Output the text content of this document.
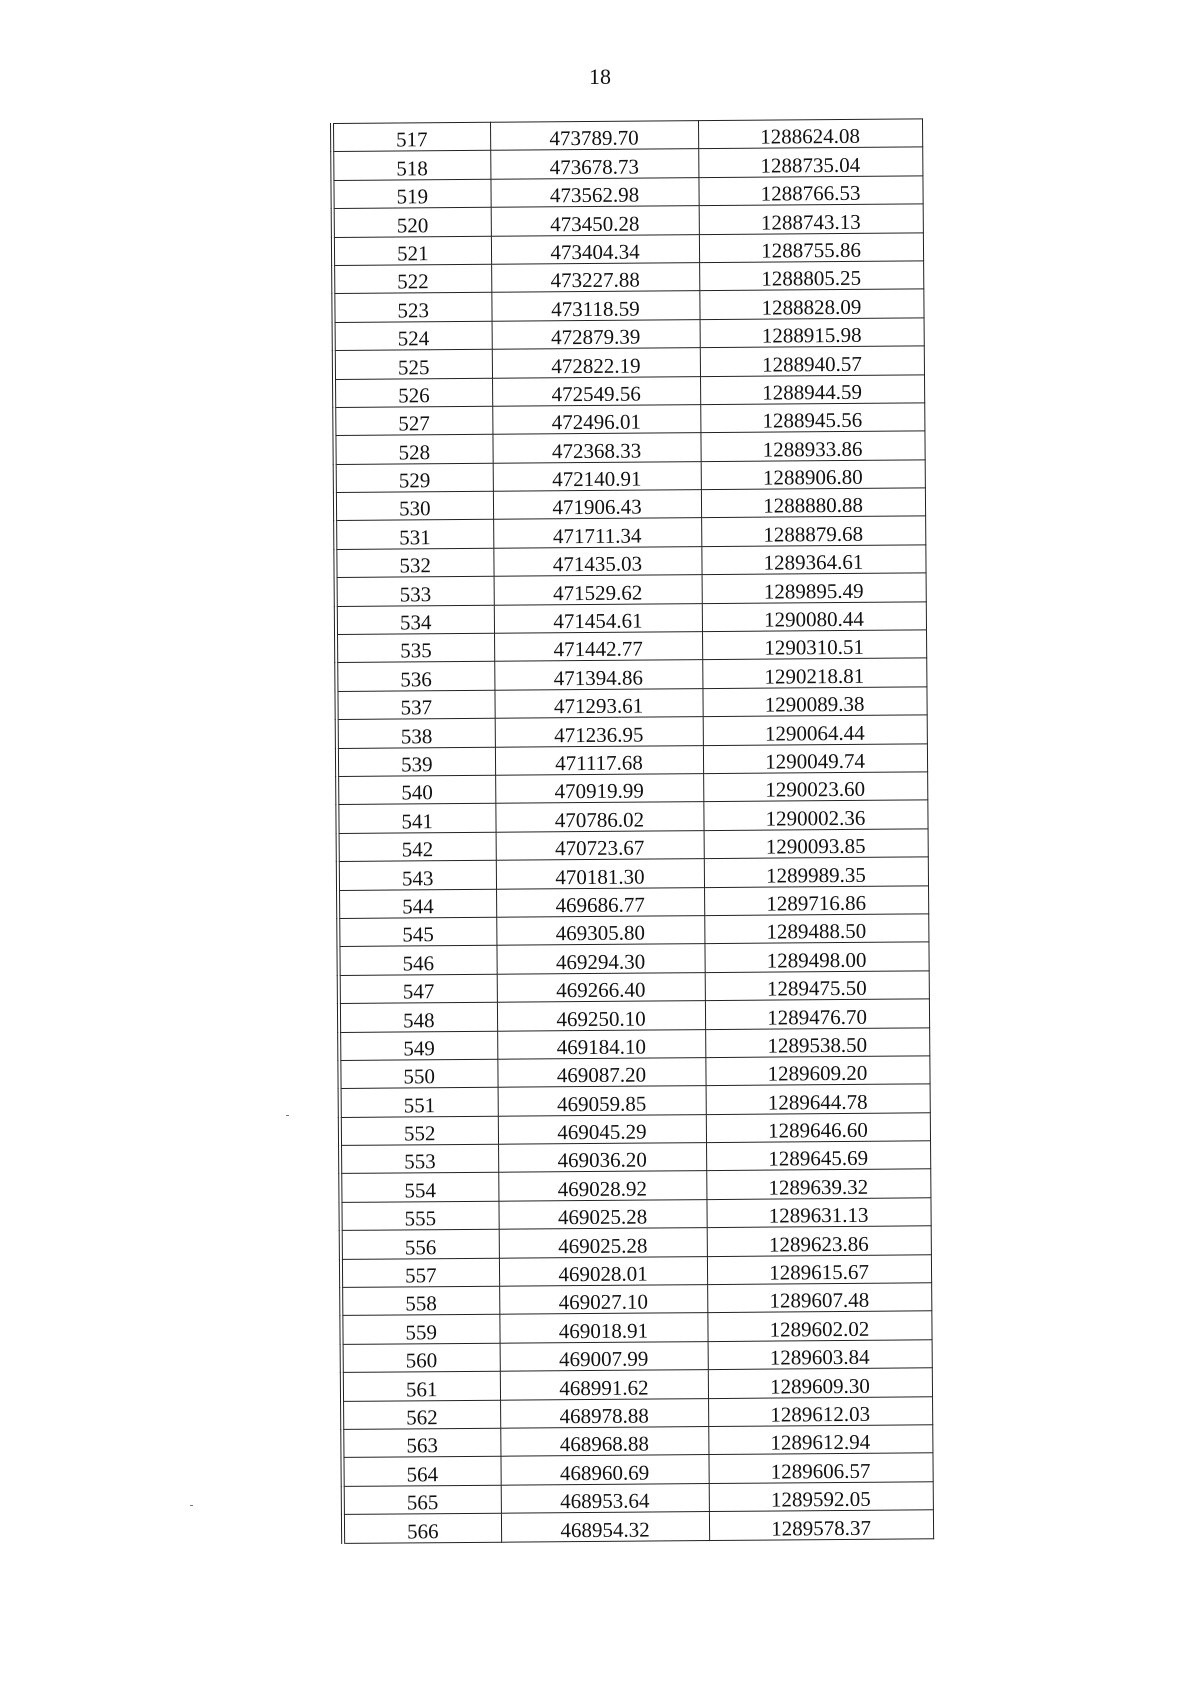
18
517	473789.70	1288624.08
518	473678.73	1288735.04
519	473562.98	1288766.53
520	473450.28	1288743.13
521	473404.34	1288755.86
522	473227.88	1288805.25
523	473118.59	1288828.09
524	472879.39	1288915.98
525	472822.19	1288940.57
526	472549.56	1288944.59
527	472496.01	1288945.56
528	472368.33	1288933.86
529	472140.91	1288906.80
530	471906.43	1288880.88
531	471711.34	1288879.68
532	471435.03	1289364.61
533	471529.62	1289895.49
534	471454.61	1290080.44
535	471442.77	1290310.51
536	471394.86	1290218.81
537	471293.61	1290089.38
538	471236.95	1290064.44
539	471117.68	1290049.74
540	470919.99	1290023.60
541	470786.02	1290002.36
542	470723.67	1290093.85
543	470181.30	1289989.35
544	469686.77	1289716.86
545	469305.80	1289488.50
546	469294.30	1289498.00
547	469266.40	1289475.50
548	469250.10	1289476.70
549	469184.10	1289538.50
550	469087.20	1289609.20
551	469059.85	1289644.78
552	469045.29	1289646.60
553	469036.20	1289645.69
554	469028.92	1289639.32
555	469025.28	1289631.13
556	469025.28	1289623.86
557	469028.01	1289615.67
558	469027.10	1289607.48
559	469018.91	1289602.02
560	469007.99	1289603.84
561	468991.62	1289609.30
562	468978.88	1289612.03
563	468968.88	1289612.94
564	468960.69	1289606.57
565	468953.64	1289592.05
566	468954.32	1289578.37
